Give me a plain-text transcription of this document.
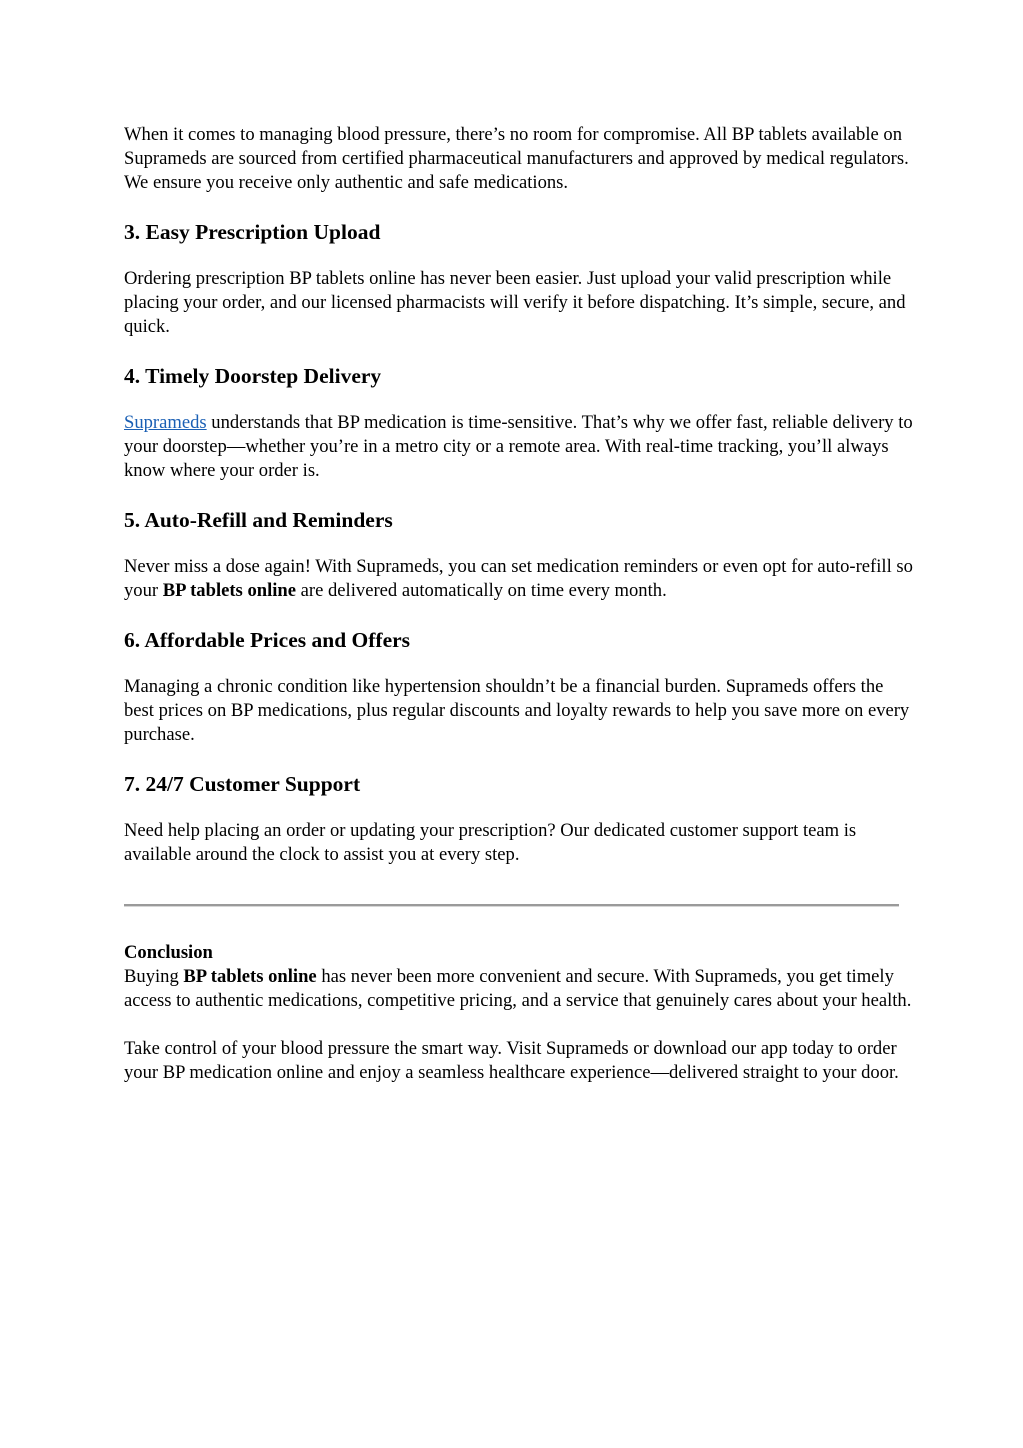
When it comes to managing blood pressure, there’s no room for compromise. All BP tablets available on Suprameds are sourced from certified pharmaceutical manufacturers and approved by medical regulators. We ensure you receive only authentic and safe medications.

3. Easy Prescription Upload

Ordering prescription BP tablets online has never been easier. Just upload your valid prescription while placing your order, and our licensed pharmacists will verify it before dispatching. It’s simple, secure, and quick.

4. Timely Doorstep Delivery

Suprameds understands that BP medication is time-sensitive. That’s why we offer fast, reliable delivery to your doorstep—whether you’re in a metro city or a remote area. With real-time tracking, you’ll always know where your order is.

5. Auto-Refill and Reminders

Never miss a dose again! With Suprameds, you can set medication reminders or even opt for auto-refill so your BP tablets online are delivered automatically on time every month.

6. Affordable Prices and Offers

Managing a chronic condition like hypertension shouldn’t be a financial burden. Suprameds offers the best prices on BP medications, plus regular discounts and loyalty rewards to help you save more on every purchase.

7. 24/7 Customer Support

Need help placing an order or updating your prescription? Our dedicated customer support team is available around the clock to assist you at every step.

Conclusion

Buying BP tablets online has never been more convenient and secure. With Suprameds, you get timely access to authentic medications, competitive pricing, and a service that genuinely cares about your health.

Take control of your blood pressure the smart way. Visit Suprameds or download our app today to order your BP medication online and enjoy a seamless healthcare experience—delivered straight to your door.
